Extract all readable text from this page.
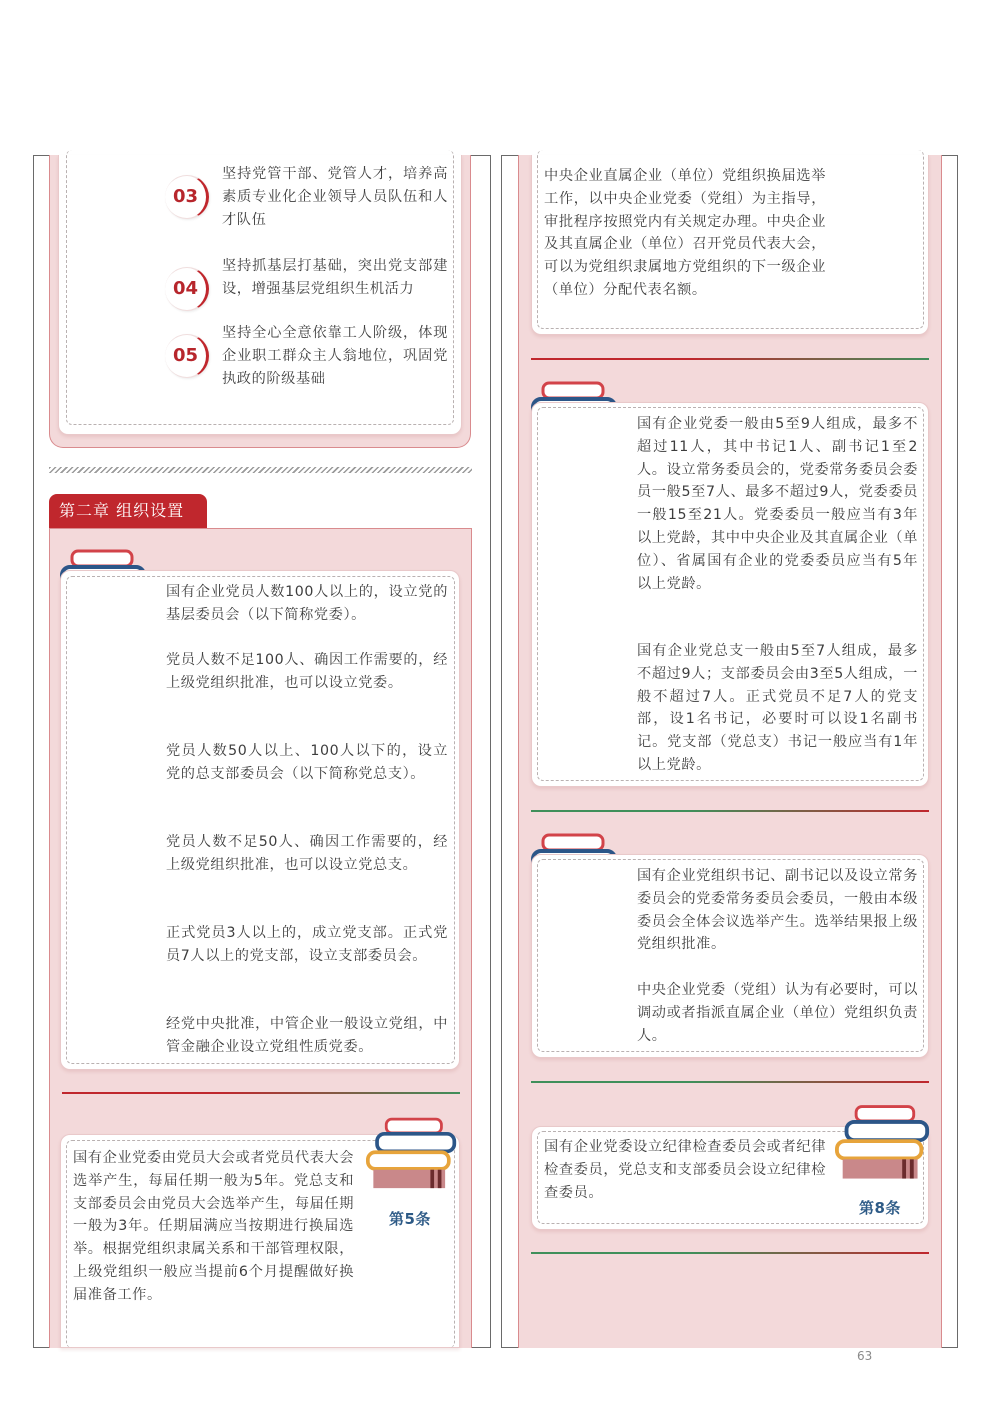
03

坚持党管干部、党管人才，培养高素质专业化企业领导人员队伍和人才队伍

04

坚持抓基层打基础，突出党支部建设，增强基层党组织生机活力

05

坚持全心全意依靠工人阶级，体现企业职工群众主人翁地位，巩固党执政的阶级基础

第二章 组织设置

国有企业党员人数100人以上的，设立党的基层委员会（以下简称党委）。

党员人数不足100人、确因工作需要的，经上级党组织批准，也可以设立党委。

党员人数50人以上、100人以下的，设立党的总支部委员会（以下简称党总支）。

党员人数不足50人、确因工作需要的，经上级党组织批准，也可以设立党总支。

正式党员3人以上的，成立党支部。正式党员7人以上的党支部，设立支部委员会。

经党中央批准，中管企业一般设立党组，中管金融企业设立党组性质党委。

国有企业党委由党员大会或者党员代表大会选举产生，每届任期一般为5年。党总支和支部委员会由党员大会选举产生，每届任期一般为3年。任期届满应当按期进行换届选举。根据党组织隶属关系和干部管理权限，上级党组织一般应当提前6个月提醒做好换届准备工作。

第5条

中央企业直属企业（单位）党组织换届选举工作，以中央企业党委（党组）为主指导，审批程序按照党内有关规定办理。中央企业及其直属企业（单位）召开党员代表大会，可以为党组织隶属地方党组织的下一级企业（单位）分配代表名额。

国有企业党委一般由5至9人组成，最多不超过11人，其中书记1人、副书记1至2人。设立常务委员会的，党委常务委员会委员一般5至7人、最多不超过9人，党委委员一般15至21人。党委委员一般应当有3年以上党龄，其中中央企业及其直属企业（单位）、省属国有企业的党委委员应当有5年以上党龄。

国有企业党总支一般由5至7人组成，最多不超过9人；支部委员会由3至5人组成，一般不超过7人。正式党员不足7人的党支部，设1名书记，必要时可以设1名副书记。党支部（党总支）书记一般应当有1年以上党龄。

国有企业党组织书记、副书记以及设立常务委员会的党委常务委员会委员，一般由本级委员会全体会议选举产生。选举结果报上级党组织批准。

中央企业党委（党组）认为有必要时，可以调动或者指派直属企业（单位）党组织负责人。

国有企业党委设立纪律检查委员会或者纪律检查委员，党总支和支部委员会设立纪律检查委员。

第8条
63
